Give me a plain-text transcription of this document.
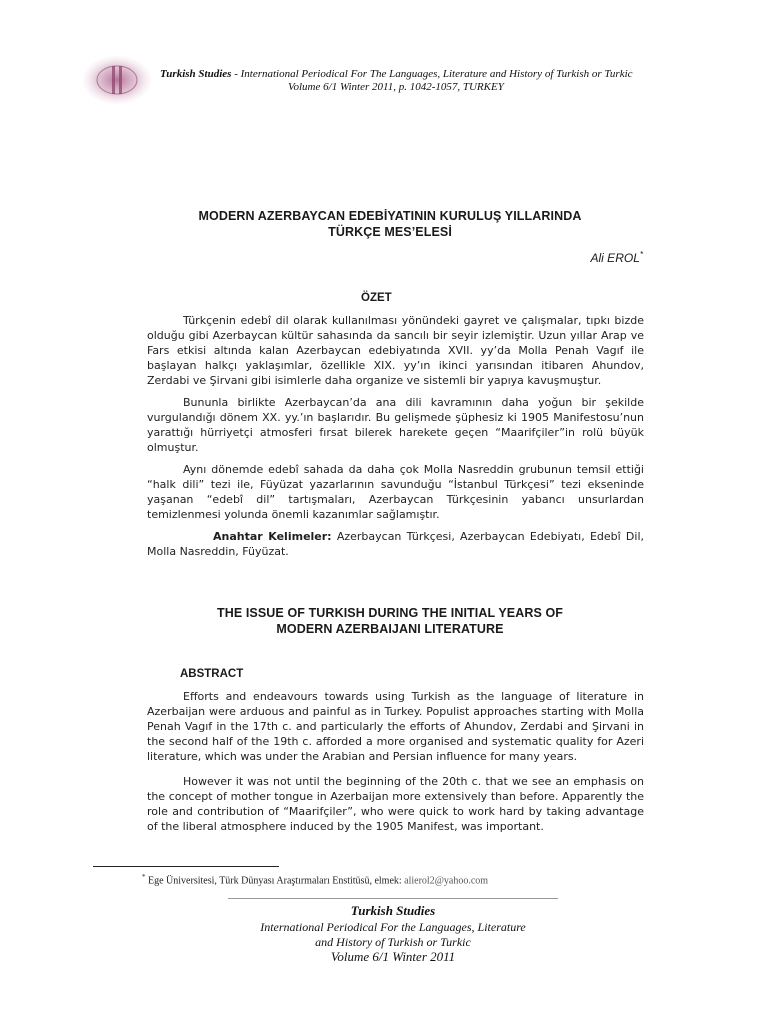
Turkish Studies - International Periodical For The Languages, Literature and History of Turkish or Turkic
Volume 6/1 Winter 2011, p. 1042-1057, TURKEY
MODERN AZERBAYCAN EDEBİYATININ KURULUŞ YILLARINDA
TÜRKÇE MES’ELESİ
Ali EROL*
ÖZET

Türkçenin edebî dil olarak kullanılması yönündeki gayret ve çalışmalar, tıpkı bizde olduğu gibi Azerbaycan kültür sahasında da sancılı bir seyir izlemiştir. Uzun yıllar Arap ve Fars etkisi altında kalan Azerbaycan edebiyatında XVII. yy’da Molla Penah Vagıf ile başlayan halkçı yaklaşımlar, özellikle XIX. yy’ın ikinci yarısından itibaren Ahundov, Zerdabi ve Şirvani gibi isimlerle daha organize ve sistemli bir yapıya kavuşmuştur.

Bununla birlikte Azerbaycan’da ana dili kavramının daha yoğun bir şekilde vurgulandığı dönem XX. yy.’ın başlarıdır. Bu gelişmede şüphesiz ki 1905 Manifestosu’nun yarattığı hürriyetçi atmosferi fırsat bilerek harekete geçen “Maarifçiler”in rolü büyük olmuştur.

Aynı dönemde edebî sahada da daha çok Molla Nasreddin grubunun temsil ettiği “halk dili” tezi ile, Füyüzat yazarlarının savunduğu “İstanbul Türkçesi” tezi ekseninde yaşanan “edebî dil” tartışmaları, Azerbaycan Türkçesinin yabancı unsurlardan temizlenmesi yolunda önemli kazanımlar sağlamıştır.

Anahtar Kelimeler: Azerbaycan Türkçesi, Azerbaycan Edebiyatı, Edebî Dil, Molla Nasreddin, Füyüzat.

THE ISSUE OF TURKISH DURING THE INITIAL YEARS OF
MODERN AZERBAIJANI LITERATURE
ABSTRACT

Efforts and endeavours towards using Turkish as the language of literature in Azerbaijan were arduous and painful as in Turkey. Populist approaches starting with Molla Penah Vagıf in the 17th c. and particularly the efforts of Ahundov, Zerdabi and Şirvani in the second half of the 19th c. afforded a more organised and systematic quality for Azeri literature, which was under the Arabian and Persian influence for many years.

However it was not until the beginning of the 20th c. that we see an emphasis on the concept of mother tongue in Azerbaijan more extensively than before. Apparently the role and contribution of “Maarifçiler”, who were quick to work hard by taking advantage of the liberal atmosphere induced by the 1905 Manifest, was important.

* Ege Üniversitesi, Türk Dünyası Araştırmaları Enstitüsü, elmek: alierol2@yahoo.com
Turkish Studies
International Periodical For the Languages, Literature
and History of Turkish or Turkic
Volume 6/1 Winter 2011
